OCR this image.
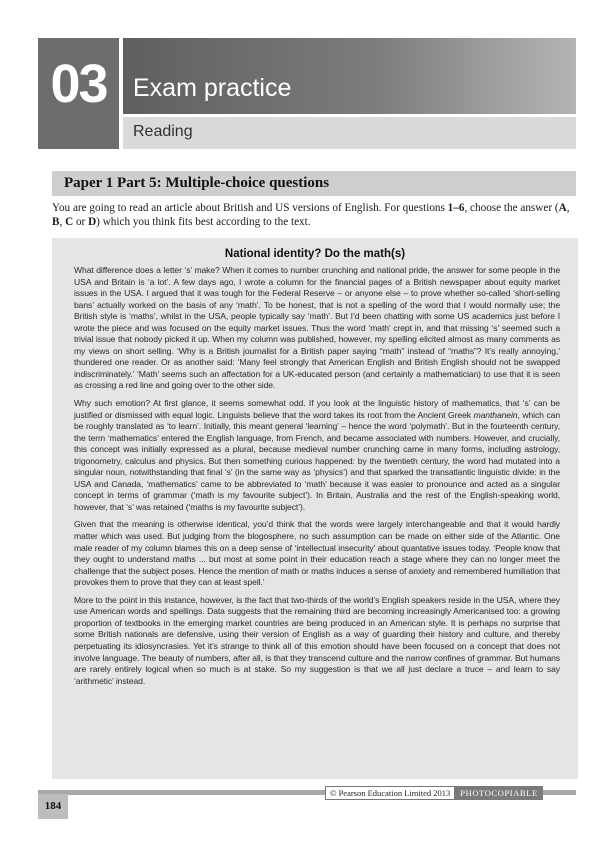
03	Exam practice
Reading
Paper 1 Part 5: Multiple-choice questions
You are going to read an article about British and US versions of English. For questions 1–6, choose the answer (A, B, C or D) which you think fits best according to the text.
National identity? Do the math(s)

What difference does a letter ‘s’ make? When it comes to number crunching and national pride, the answer for some people in the USA and Britain is ‘a lot’. A few days ago, I wrote a column for the financial pages of a British newspaper about equity market issues in the USA. I argued that it was tough for the Federal Reserve – or anyone else – to prove whether so-called ‘short-selling bans’ actually worked on the basis of any ‘math’. To be honest, that is not a spelling of the word that I would normally use; the British style is ‘maths’, whilst in the USA, people typically say ‘math’. But I’d been chatting with some US academics just before I wrote the piece and was focused on the equity market issues. Thus the word ‘math’ crept in, and that missing ‘s’ seemed such a trivial issue that nobody picked it up. When my column was published, however, my spelling elicited almost as many comments as my views on short selling. ‘Why is a British journalist for a British paper saying “math” instead of “maths”? It’s really annoying,’ thundered one reader. Or as another said: ‘Many feel strongly that American English and British English should not be swapped indiscriminately.’ ‘Math’ seems such an affectation for a UK-educated person (and certainly a mathematician) to use that it is seen as crossing a red line and going over to the other side.

Why such emotion? At first glance, it seems somewhat odd. If you look at the linguistic history of mathematics, that ‘s’ can be justified or dismissed with equal logic. Linguists believe that the word takes its root from the Ancient Greek manthanein, which can be roughly translated as ‘to learn’. Initially, this meant general ‘learning’ – hence the word ‘polymath’. But in the fourteenth century, the term ‘mathematics’ entered the English language, from French, and became associated with numbers. However, and crucially, this concept was initially expressed as a plural, because medieval number crunching came in many forms, including astrology, trigonometry, calculus and physics. But then something curious happened: by the twentieth century, the word had mutated into a singular noun, notwithstanding that final ‘s’ (in the same way as ‘physics’) and that sparked the transatlantic linguistic divide: in the USA and Canada, ‘mathematics’ came to be abbreviated to ‘math’ because it was easier to pronounce and acted as a singular concept in terms of grammar (‘math is my favourite subject’). In Britain, Australia and the rest of the English-speaking world, however, that ‘s’ was retained (‘maths is my favourite subject’).

Given that the meaning is otherwise identical, you’d think that the words were largely interchangeable and that it would hardly matter which was used. But judging from the blogosphere, no such assumption can be made on either side of the Atlantic. One male reader of my column blames this on a deep sense of ‘intellectual insecurity’ about quantative issues today. ‘People know that they ought to understand maths ... but most at some point in their education reach a stage where they can no longer meet the challenge that the subject poses. Hence the mention of math or maths induces a sense of anxiety and remembered humiliation that provokes them to prove that they can at least spell.’

More to the point in this instance, however, is the fact that two-thirds of the world’s English speakers reside in the USA, where they use American words and spellings. Data suggests that the remaining third are becoming increasingly Americanised too: a growing proportion of textbooks in the emerging market countries are being produced in an American style. It is perhaps no surprise that some British nationals are defensive, using their version of English as a way of guarding their history and culture, and thereby perpetuating its idiosyncrasies. Yet it’s strange to think all of this emotion should have been focused on a concept that does not involve language. The beauty of numbers, after all, is that they transcend culture and the narrow confines of grammar. But humans are rarely entirely logical when so much is at stake. So my suggestion is that we all just declare a truce – and learn to say ‘arithmetic’ instead.

184
© Pearson Education Limited 2013	PHOTOCOPIABLE
